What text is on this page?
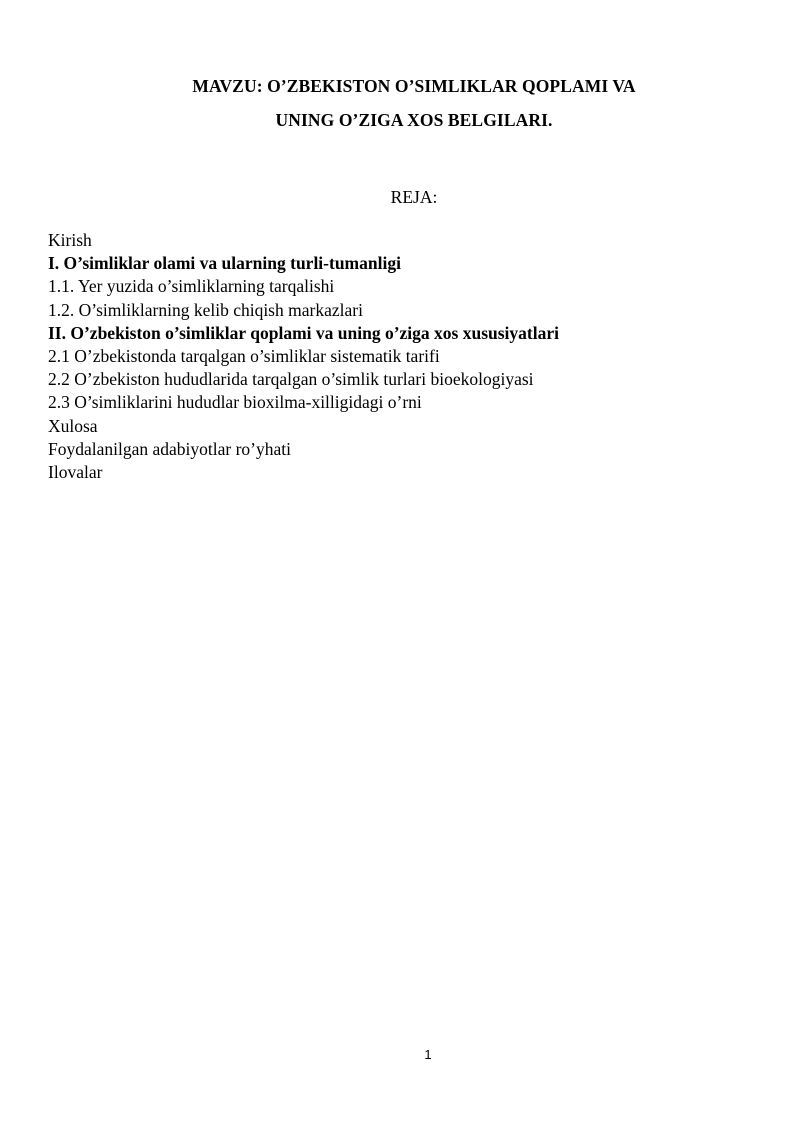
MAVZU: O’ZBEKISTON O’SIMLIKLAR QOPLAMI VA
UNING O’ZIGA XOS BELGILARI.
REJA:
Kirish
I. O’simliklar olami va ularning turli-tumanligi
1.1. Yer yuzida o’simliklarning tarqalishi
1.2. O’simliklarning kelib chiqish markazlari
II. O’zbekiston o’simliklar qoplami va uning o’ziga xos xususiyatlari
2.1 O’zbekistonda tarqalgan o’simliklar sistematik tarifi
2.2 O’zbekiston hududlarida tarqalgan o’simlik turlari bioekologiyasi
2.3 O’simliklarini hududlar bioxilma-xilligidagi o’rni
Xulosa
Foydalanilgan adabiyotlar ro’yhati
Ilovalar
1
